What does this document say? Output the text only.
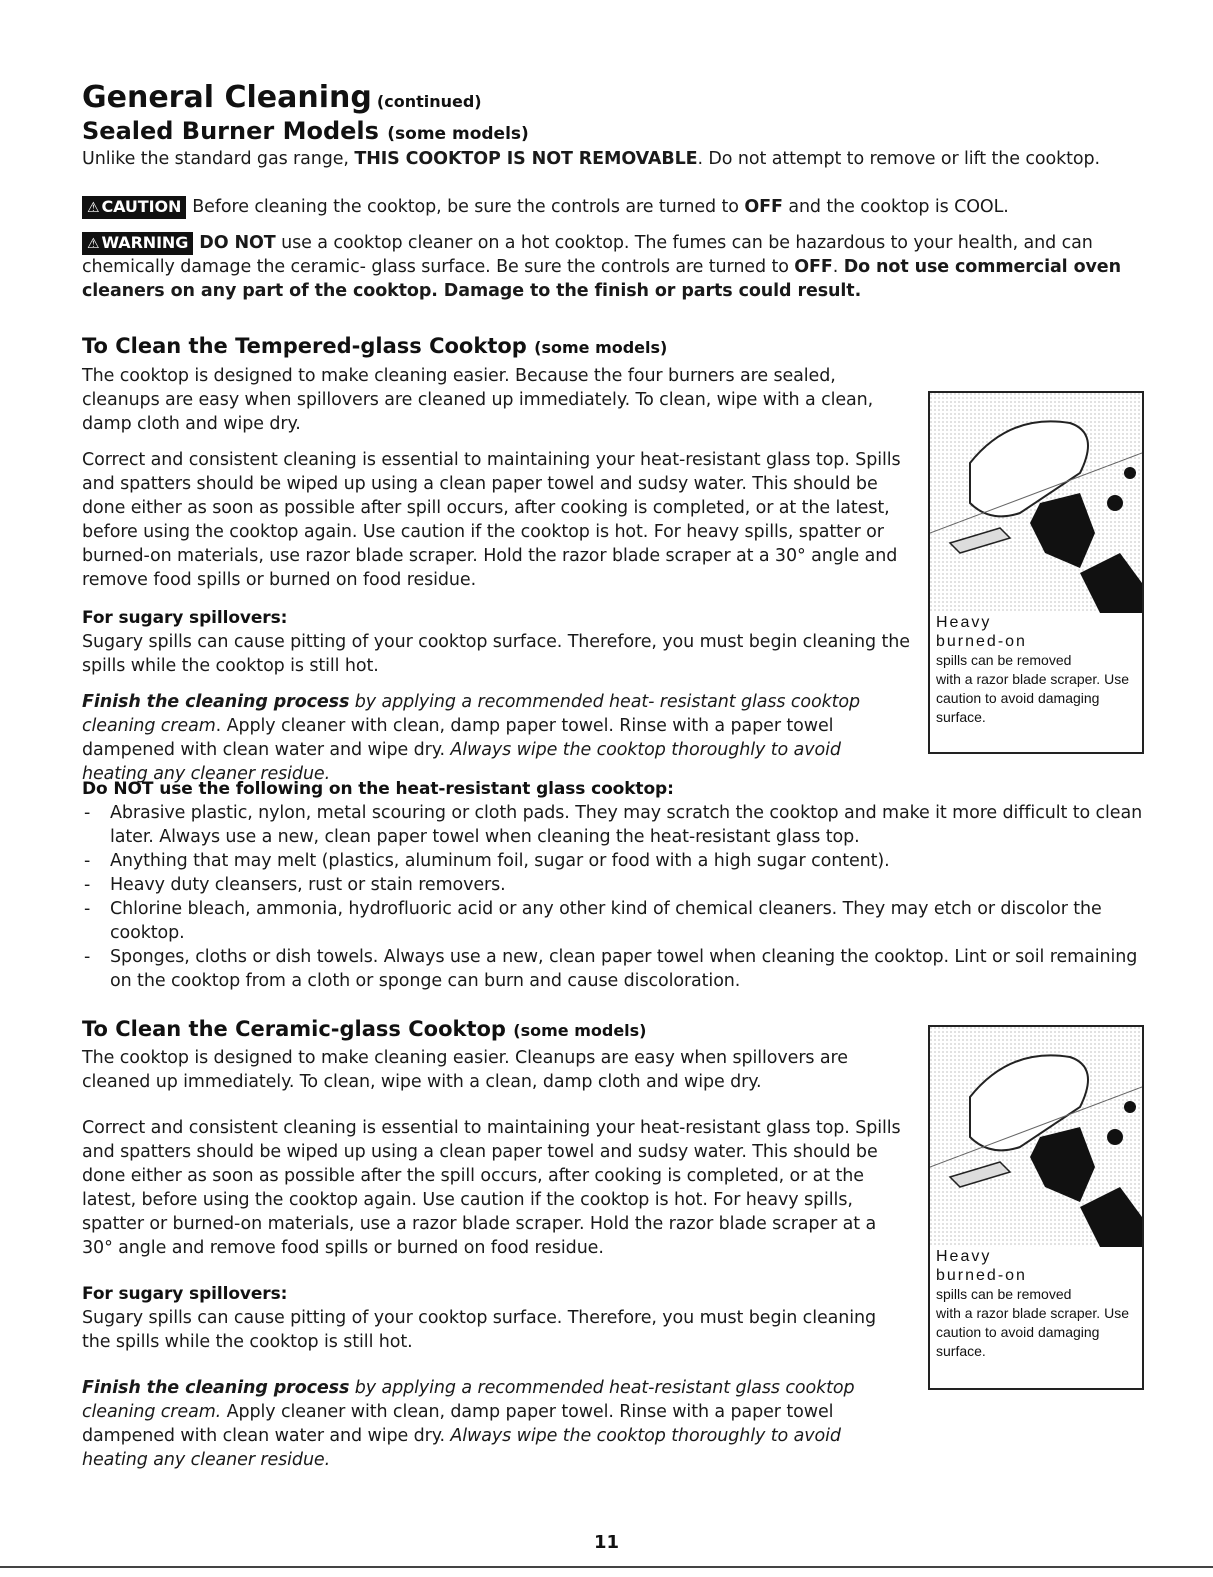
General Cleaning (continued)
Sealed Burner Models (some models)
Unlike the standard gas range, THIS COOKTOP IS NOT REMOVABLE. Do not attempt to remove or lift the cooktop.
⚠ CAUTION Before cleaning the cooktop, be sure the controls are turned to OFF and the cooktop is COOL.
⚠ WARNING DO NOT use a cooktop cleaner on a hot cooktop. The fumes can be hazardous to your health, and can chemically damage the ceramic- glass surface. Be sure the controls are turned to OFF. Do not use commercial oven cleaners on any part of the cooktop. Damage to the finish or parts could result.
To Clean the Tempered-glass Cooktop (some models)

The cooktop is designed to make cleaning easier. Because the four burners are sealed, cleanups are easy when spillovers are cleaned up immediately. To clean, wipe with a clean, damp cloth and wipe dry.

Correct and consistent cleaning is essential to maintaining your heat-resistant glass top. Spills and spatters should be wiped up using a clean paper towel and sudsy water. This should be done either as soon as possible after spill occurs, after cooking is completed, or at the latest, before using the cooktop again. Use caution if the cooktop is hot. For heavy spills, spatter or burned-on materials, use razor blade scraper. Hold the razor blade scraper at a 30° angle and remove food spills or burned on food residue.

For sugary spillovers:

Sugary spills can cause pitting of your cooktop surface. Therefore, you must begin cleaning the spills while the cooktop is still hot.

Finish the cleaning process by applying a recommended heat- resistant glass cooktop cleaning cream. Apply cleaner with clean, damp paper towel. Rinse with a paper towel dampened with clean water and wipe dry. Always wipe the cooktop thoroughly to avoid heating any cleaner residue.

Heavy
burned-on
spills can be removed
with a razor blade scraper. Use caution to avoid damaging surface.
Do NOT use the following on the heat-resistant glass cooktop:
- Abrasive plastic, nylon, metal scouring or cloth pads. They may scratch the cooktop and make it more difficult to clean later. Always use a new, clean paper towel when cleaning the heat-resistant glass top.
- Anything that may melt (plastics, aluminum foil, sugar or food with a high sugar content).
- Heavy duty cleansers, rust or stain removers.
- Chlorine bleach, ammonia, hydrofluoric acid or any other kind of chemical cleaners. They may etch or discolor the cooktop.
- Sponges, cloths or dish towels. Always use a new, clean paper towel when cleaning the cooktop. Lint or soil remaining on the cooktop from a cloth or sponge can burn and cause discoloration.
To Clean the Ceramic-glass Cooktop (some models)

The cooktop is designed to make cleaning easier. Cleanups are easy when spillovers are cleaned up immediately. To clean, wipe with a clean, damp cloth and wipe dry.

Correct and consistent cleaning is essential to maintaining your heat-resistant glass top. Spills and spatters should be wiped up using a clean paper towel and sudsy water. This should be done either as soon as possible after the spill occurs, after cooking is completed, or at the latest, before using the cooktop again. Use caution if the cooktop is hot. For heavy spills, spatter or burned-on materials, use a razor blade scraper. Hold the razor blade scraper at a 30° angle and remove food spills or burned on food residue.

For sugary spillovers:

Sugary spills can cause pitting of your cooktop surface. Therefore, you must begin cleaning the spills while the cooktop is still hot.

Finish the cleaning process by applying a recommended heat-resistant glass cooktop cleaning cream. Apply cleaner with clean, damp paper towel. Rinse with a paper towel dampened with clean water and wipe dry. Always wipe the cooktop thoroughly to avoid heating any cleaner residue.

Heavy
burned-on
spills can be removed
with a razor blade scraper. Use caution to avoid damaging surface.
11
